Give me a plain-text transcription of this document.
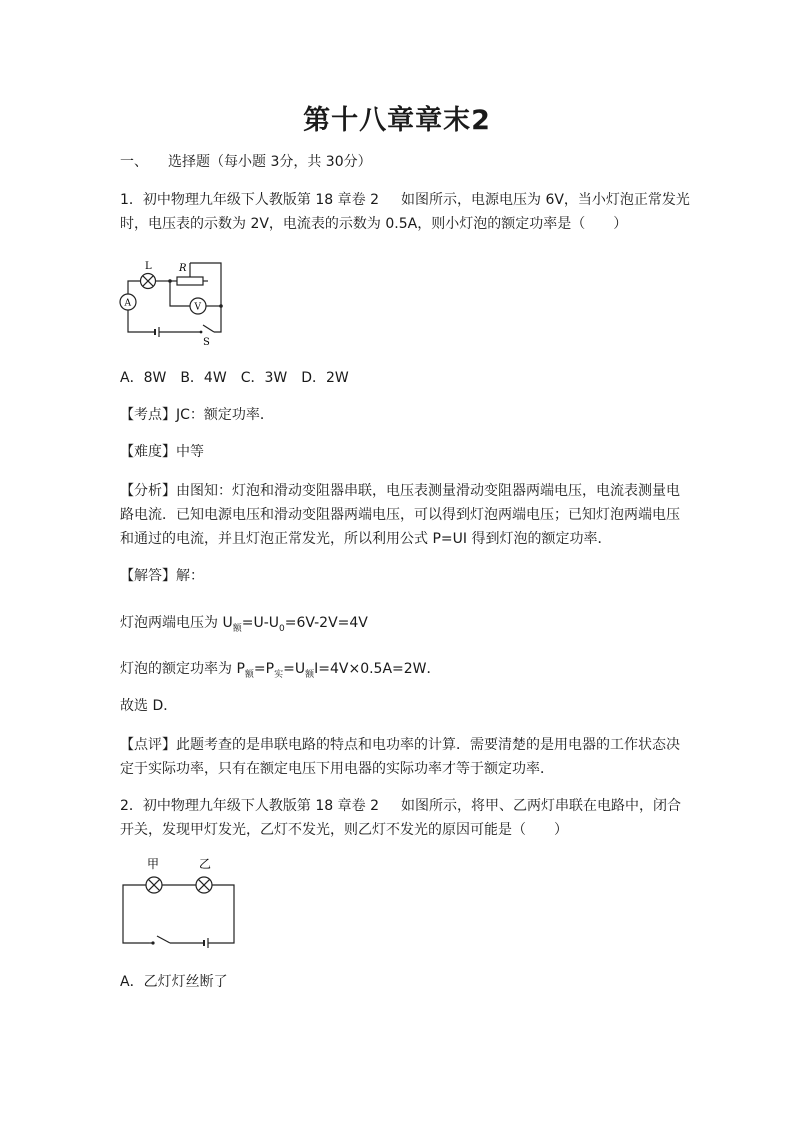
第十八章章末2
一、 选择题（每小题 3分，共 30分）
1．初中物理九年级下人教版第 18 章卷 2 如图所示，电源电压为 6V，当小灯泡正常发光
时，电压表的示数为 2V，电流表的示数为 0.5A，则小灯泡的额定功率是（　　）
L	R
A	V
S
A．8W B．4W C．3W D．2W
【考点】JC：额定功率．
【难度】中等
【分析】由图知：灯泡和滑动变阻器串联，电压表测量滑动变阻器两端电压，电流表测量电
路电流．已知电源电压和滑动变阻器两端电压，可以得到灯泡两端电压；已知灯泡两端电压
和通过的电流，并且灯泡正常发光，所以利用公式 P=UI 得到灯泡的额定功率．
【解答】解：
灯泡两端电压为 $U_额=U-U_0=6V-2V=4V$
灯泡的额定功率为 $P_额=P_实=U_额I=4V\times 0.5A=2W$．
故选 D．
【点评】此题考查的是串联电路的特点和电功率的计算．需要清楚的是用电器的工作状态决
定于实际功率，只有在额定电压下用电器的实际功率才等于额定功率．
2．初中物理九年级下人教版第 18 章卷 2 如图所示，将甲、乙两灯串联在电路中，闭合
开关，发现甲灯发光，乙灯不发光，则乙灯不发光的原因可能是（　　）
甲	乙
A．乙灯灯丝断了
